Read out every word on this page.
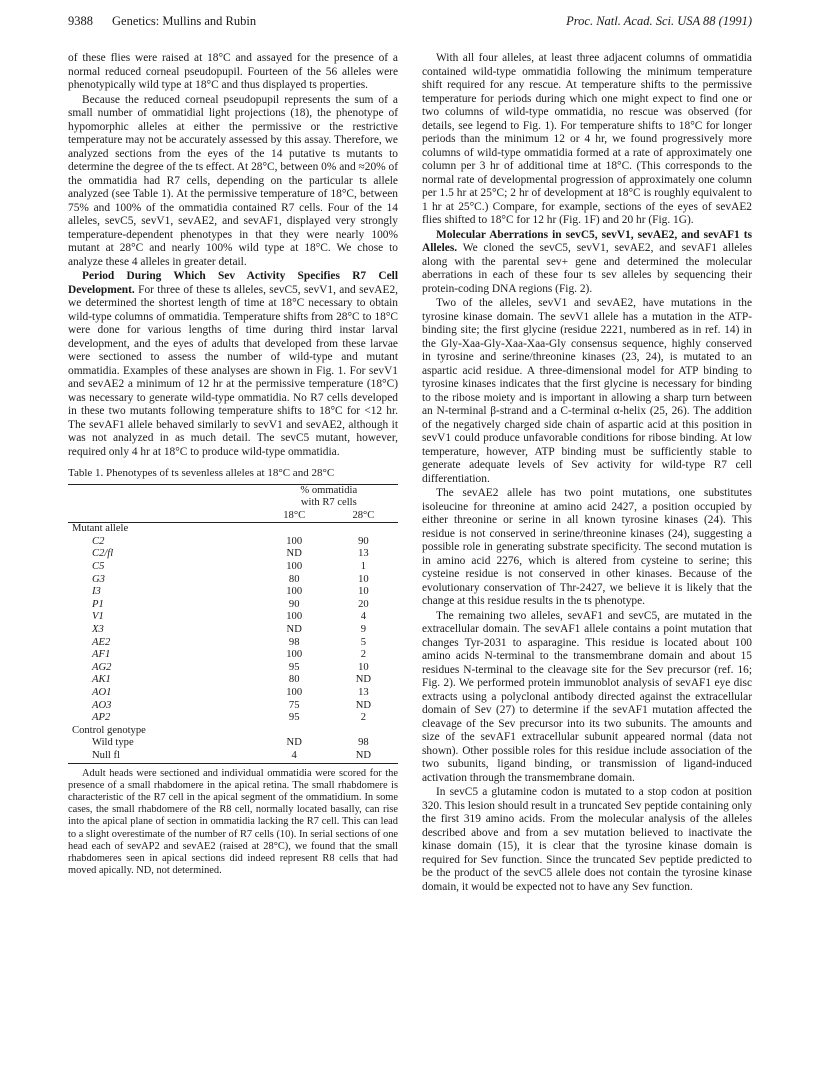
9388 Genetics: Mullins and Rubin	Proc. Natl. Acad. Sci. USA 88 (1991)

of these flies were raised at 18°C and assayed for the presence of a normal reduced corneal pseudopupil. Fourteen of the 56 alleles were phenotypically wild type at 18°C and thus displayed ts properties.

Because the reduced corneal pseudopupil represents the sum of a small number of ommatidial light projections (18), the phenotype of hypomorphic alleles at either the permissive or the restrictive temperature may not be accurately assessed by this assay. Therefore, we analyzed sections from the eyes of the 14 putative ts mutants to determine the degree of the ts effect. At 28°C, between 0% and ≈20% of the ommatidia had R7 cells, depending on the particular ts allele analyzed (see Table 1). At the permissive temperature of 18°C, between 75% and 100% of the ommatidia contained R7 cells. Four of the 14 alleles, sevC5, sevV1, sevAE2, and sevAF1, displayed very strongly temperature-dependent phenotypes in that they were nearly 100% mutant at 28°C and nearly 100% wild type at 18°C. We chose to analyze these 4 alleles in greater detail.

Period During Which Sev Activity Specifies R7 Cell Development. For three of these ts alleles, sevC5, sevV1, and sevAE2, we determined the shortest length of time at 18°C necessary to obtain wild-type columns of ommatidia. Temperature shifts from 28°C to 18°C were done for various lengths of time during third instar larval development, and the eyes of adults that developed from these larvae were sectioned to assess the number of wild-type and mutant ommatidia. Examples of these analyses are shown in Fig. 1. For sevV1 and sevAE2 a minimum of 12 hr at the permissive temperature (18°C) was necessary to generate wild-type ommatidia. No R7 cells developed in these two mutants following temperature shifts to 18°C for <12 hr. The sevAF1 allele behaved similarly to sevV1 and sevAE2, although it was not analyzed in as much detail. The sevC5 mutant, however, required only 4 hr at 18°C to produce wild-type ommatidia.

Table 1. Phenotypes of ts sevenless alleles at 18°C and 28°C
	% ommatidia	
	with R7 cells	
	18°C	28°C
Mutant allele		
C2	100	90
C2/fl	ND	13
C5	100	1
G3	80	10
I3	100	10
P1	90	20
V1	100	4
X3	ND	9
AE2	98	5
AF1	100	2
AG2	95	10
AK1	80	ND
AO1	100	13
AO3	75	ND
AP2	95	2
Control genotype		
Wild type	ND	98
Null fl	4	ND
Adult heads were sectioned and individual ommatidia were scored for the presence of a small rhabdomere in the apical retina. The small rhabdomere is characteristic of the R7 cell in the apical segment of the ommatidium. In some cases, the small rhabdomere of the R8 cell, normally located basally, can rise into the apical plane of section in ommatidia lacking the R7 cell. This can lead to a slight overestimate of the number of R7 cells (10). In serial sections of one head each of sevAP2 and sevAE2 (raised at 28°C), we found that the small rhabdomeres seen in apical sections did indeed represent R8 cells that had moved apically. ND, not determined.

With all four alleles, at least three adjacent columns of ommatidia contained wild-type ommatidia following the minimum temperature shift required for any rescue. At temperature shifts to the permissive temperature for periods during which one might expect to find one or two columns of wild-type ommatidia, no rescue was observed (for details, see legend to Fig. 1). For temperature shifts to 18°C for longer periods than the minimum 12 or 4 hr, we found progressively more columns of wild-type ommatidia formed at a rate of approximately one column per 3 hr of additional time at 18°C. (This corresponds to the normal rate of developmental progression of approximately one column per 1.5 hr at 25°C; 2 hr of development at 18°C is roughly equivalent to 1 hr at 25°C.) Compare, for example, sections of the eyes of sevAE2 flies shifted to 18°C for 12 hr (Fig. 1F) and 20 hr (Fig. 1G).

Molecular Aberrations in sevC5, sevV1, sevAE2, and sevAF1 ts Alleles. We cloned the sevC5, sevV1, sevAE2, and sevAF1 alleles along with the parental sev+ gene and determined the molecular aberrations in each of these four ts sev alleles by sequencing their protein-coding DNA regions (Fig. 2).

Two of the alleles, sevV1 and sevAE2, have mutations in the tyrosine kinase domain. The sevV1 allele has a mutation in the ATP-binding site; the first glycine (residue 2221, numbered as in ref. 14) in the Gly-Xaa-Gly-Xaa-Xaa-Gly consensus sequence, highly conserved in tyrosine and serine/threonine kinases (23, 24), is mutated to an aspartic acid residue. A three-dimensional model for ATP binding to tyrosine kinases indicates that the first glycine is necessary for binding to the ribose moiety and is important in allowing a sharp turn between an N-terminal β-strand and a C-terminal α-helix (25, 26). The addition of the negatively charged side chain of aspartic acid at this position in sevV1 could produce unfavorable conditions for ribose binding. At low temperature, however, ATP binding must be sufficiently stable to generate adequate levels of Sev activity for wild-type R7 cell differentiation.

The sevAE2 allele has two point mutations, one substitutes isoleucine for threonine at amino acid 2427, a position occupied by either threonine or serine in all known tyrosine kinases (24). This residue is not conserved in serine/threonine kinases (24), suggesting a possible role in generating substrate specificity. The second mutation is in amino acid 2276, which is altered from cysteine to serine; this cysteine residue is not conserved in other kinases. Because of the evolutionary conservation of Thr-2427, we believe it is likely that the change at this residue results in the ts phenotype.

The remaining two alleles, sevAF1 and sevC5, are mutated in the extracellular domain. The sevAF1 allele contains a point mutation that changes Tyr-2031 to asparagine. This residue is located about 100 amino acids N-terminal to the transmembrane domain and about 15 residues N-terminal to the cleavage site for the Sev precursor (ref. 16; Fig. 2). We performed protein immunoblot analysis of sevAF1 eye disc extracts using a polyclonal antibody directed against the extracellular domain of Sev (27) to determine if the sevAF1 mutation affected the cleavage of the Sev precursor into its two subunits. The amounts and size of the sevAF1 extracellular subunit appeared normal (data not shown). Other possible roles for this residue include association of the two subunits, ligand binding, or transmission of ligand-induced activation through the transmembrane domain.

In sevC5 a glutamine codon is mutated to a stop codon at position 320. This lesion should result in a truncated Sev peptide containing only the first 319 amino acids. From the molecular analysis of the alleles described above and from a sev mutation believed to inactivate the kinase domain (15), it is clear that the tyrosine kinase domain is required for Sev function. Since the truncated Sev peptide predicted to be the product of the sevC5 allele does not contain the tyrosine kinase domain, it would be expected not to have any Sev function.
